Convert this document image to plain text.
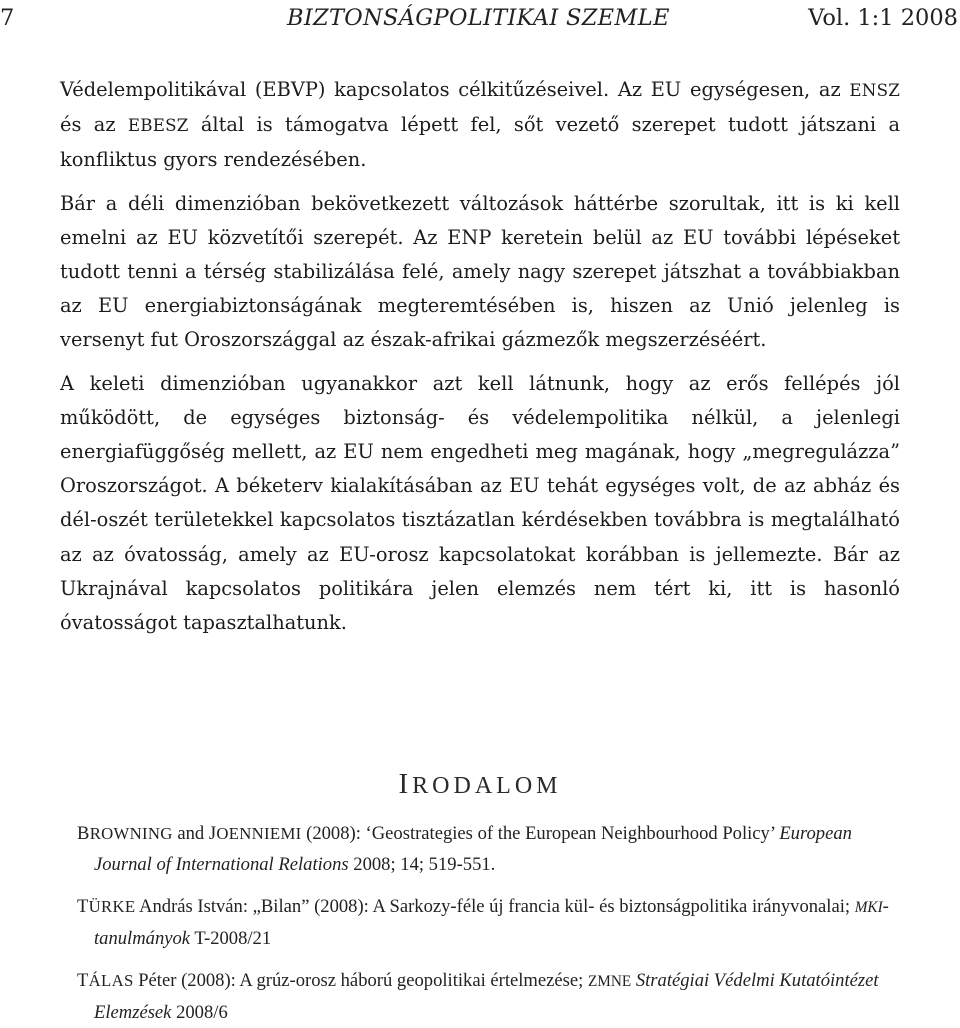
7	BIZTONSÁGPOLITIKAI SZEMLE	Vol. 1:1 2008

Védelempolitikával (EBVP) kapcsolatos célkitűzéseivel. Az EU egységesen, az ENSZ és az EBESZ által is támogatva lépett fel, sőt vezető szerepet tudott játszani a konfliktus gyors rendezésében.

Bár a déli dimenzióban bekövetkezett változások háttérbe szorultak, itt is ki kell emelni az EU közvetítői szerepét. Az ENP keretein belül az EU további lépéseket tudott tenni a térség stabilizálása felé, amely nagy szerepet játszhat a továbbiakban az EU energiabiztonságának megteremtésében is, hiszen az Unió jelenleg is versenyt fut Oroszországgal az észak-afrikai gázmezők megszerzéséért.

A keleti dimenzióban ugyanakkor azt kell látnunk, hogy az erős fellépés jól működött, de egységes biztonság- és védelempolitika nélkül, a jelenlegi energiafüggőség mellett, az EU nem engedheti meg magának, hogy „megregulázza” Oroszországot. A béketerv kialakításában az EU tehát egységes volt, de az abház és dél-oszét területekkel kapcsolatos tisztázatlan kérdésekben továbbra is megtalálható az az óvatosság, amely az EU-orosz kapcsolatokat korábban is jellemezte. Bár az Ukrajnával kapcsolatos politikára jelen elemzés nem tért ki, itt is hasonló óvatosságot tapasztalhatunk.

IRODALOM

BROWNING and JOENNIEMI (2008): ‘Geostrategies of the European Neighbourhood Policy’ European Journal of International Relations 2008; 14; 519-551.

TÜRKE András István: „Bilan” (2008): A Sarkozy-féle új francia kül- és biztonságpolitika irányvonalai; MKI-tanulmányok T-2008/21

TÁLAS Péter (2008): A grúz-orosz háború geopolitikai értelmezése; ZMNE Stratégiai Védelmi Kutatóintézet Elemzések 2008/6
